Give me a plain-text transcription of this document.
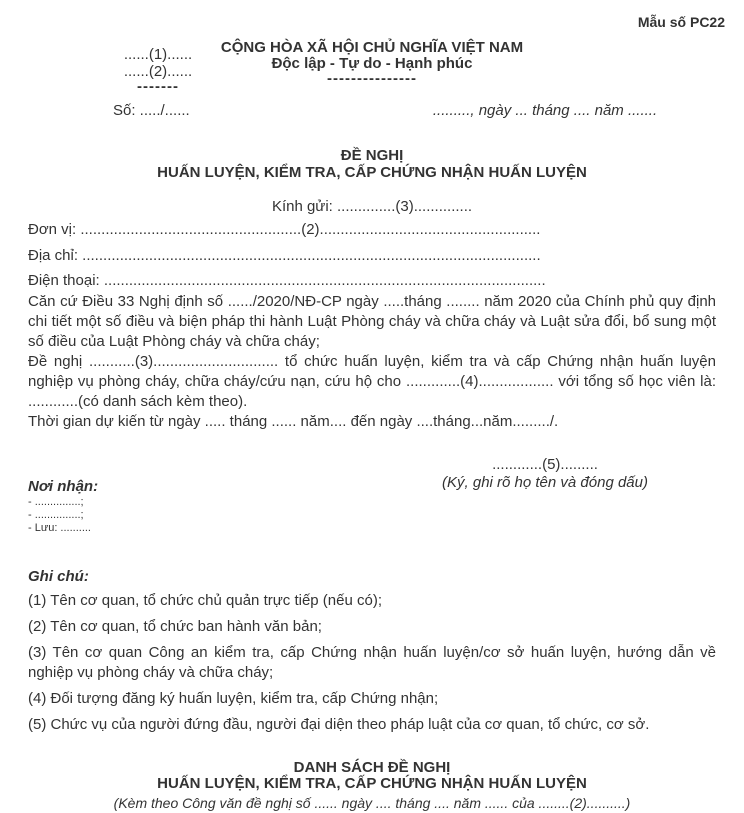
Mẫu số PC22
CỘNG HÒA XÃ HỘI CHỦ NGHĨA VIỆT NAM
Độc lập - Tự do - Hạnh phúc
---------------
......(1)......
......(2)......
-------
Số: ...../......	........., ngày ... tháng .... năm .......
ĐỀ NGHỊ
HUẤN LUYỆN, KIỂM TRA, CẤP CHỨNG NHẬN HUẤN LUYỆN
Kính gửi: ..............(3)..............
Đơn vị: .....................................................(2).....................................................
Địa chỉ: ..............................................................................................................
Điện thoại: ..........................................................................................................
Căn cứ Điều 33 Nghị định số ....../2020/NĐ-CP ngày .....tháng ........ năm 2020 của Chính phủ quy định chi tiết một số điều và biện pháp thi hành Luật Phòng cháy và chữa cháy và Luật sửa đổi, bổ sung một số điều của Luật Phòng cháy và chữa cháy;
Đề nghị ...........(3).............................. tổ chức huấn luyện, kiểm tra và cấp Chứng nhận huấn luyện nghiệp vụ phòng cháy, chữa cháy/cứu nạn, cứu hộ cho .............(4).................. với tổng số học viên là: ............(có danh sách kèm theo).
Thời gian dự kiến từ ngày ..... tháng ...... năm.... đến ngày ....tháng...năm........./.
............(5).........
(Ký, ghi rõ họ tên và đóng dấu)
Nơi nhận:
- ...............;
- ...............;
- Lưu: ..........
Ghi chú:

(1) Tên cơ quan, tổ chức chủ quản trực tiếp (nếu có);

(2) Tên cơ quan, tổ chức ban hành văn bản;

(3) Tên cơ quan Công an kiểm tra, cấp Chứng nhận huấn luyện/cơ sở huấn luyện, hướng dẫn về nghiệp vụ phòng cháy và chữa cháy;

(4) Đối tượng đăng ký huấn luyện, kiểm tra, cấp Chứng nhận;

(5) Chức vụ của người đứng đầu, người đại diện theo pháp luật của cơ quan, tổ chức, cơ sở.

DANH SÁCH ĐỀ NGHỊ
HUẤN LUYỆN, KIỂM TRA, CẤP CHỨNG NHẬN HUẤN LUYỆN
(Kèm theo Công văn đề nghị số ...... ngày .... tháng .... năm ...... của ........(2)..........)
